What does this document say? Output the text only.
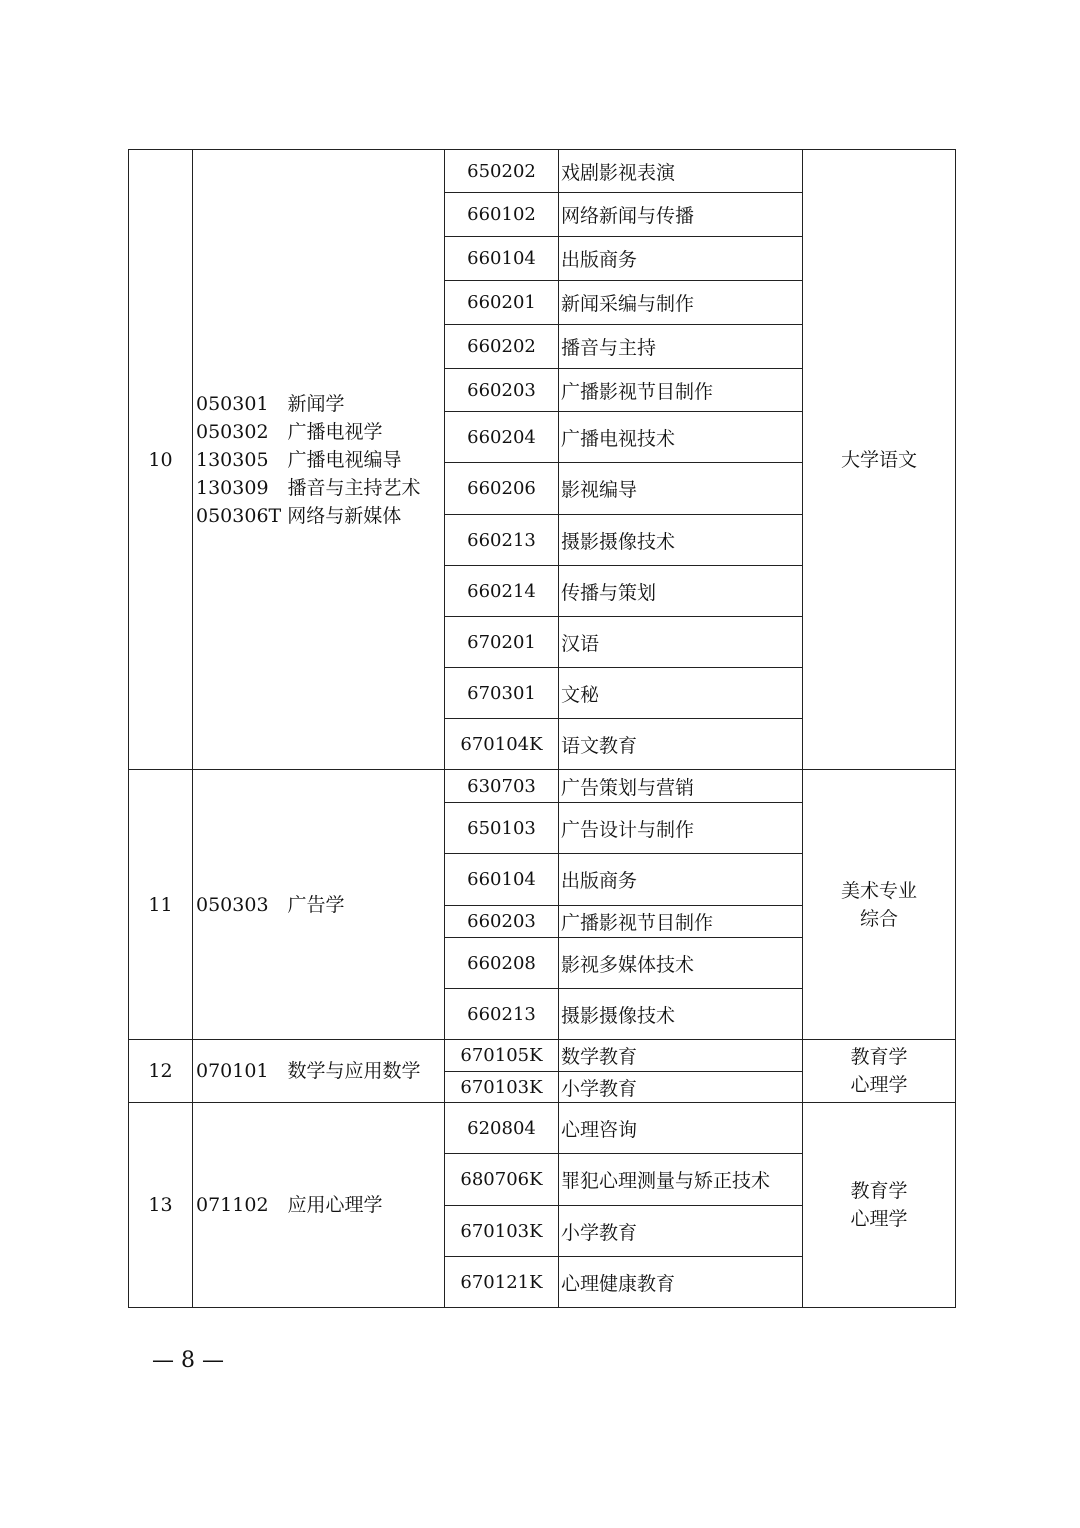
10	050301　新闻学
050302　广播电视学
130305　广播电视编导
130309　播音与主持艺术
050306T 网络与新媒体	650202	戏剧影视表演	大学语文

		660102	网络新闻与传播	
		660104	出版商务	
		660201	新闻采编与制作	
		660202	播音与主持	
		660203	广播影视节目制作	
		660204	广播电视技术	
		660206	影视编导	
		660213	摄影摄像技术	
		660214	传播与策划	
		670201	汉语	
		670301	文秘	
		670104K	语文教育	
11	050303　广告学	630703	广告策划与营销	美术专业
综合

		650103	广告设计与制作	
		660104	出版商务	
		660203	广播影视节目制作	
		660208	影视多媒体技术	
		660213	摄影摄像技术	
12	070101　数学与应用数学	670105K	数学教育	教育学
心理学

		670103K	小学教育	
13	071102　应用心理学	620804	心理咨询	教育学
心理学

		680706K	罪犯心理测量与矫正技术	
		670103K	小学教育	
		670121K	心理健康教育	
— 8 —
